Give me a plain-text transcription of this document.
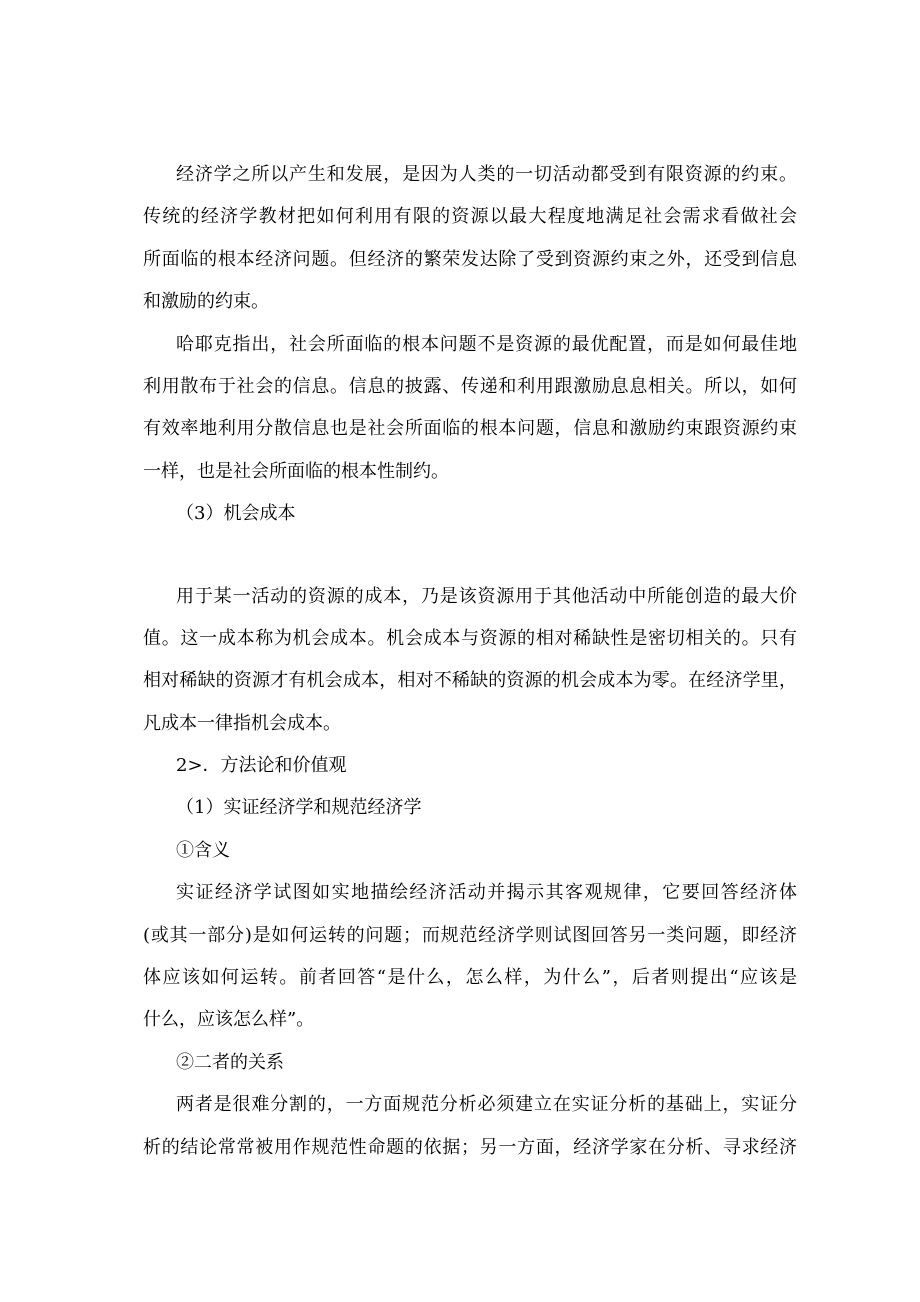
经济学之所以产生和发展，是因为人类的一切活动都受到有限资源的约束。
传统的经济学教材把如何利用有限的资源以最大程度地满足社会需求看做社会
所面临的根本经济问题。但经济的繁荣发达除了受到资源约束之外，还受到信息
和激励的约束。
哈耶克指出，社会所面临的根本问题不是资源的最优配置，而是如何最佳地
利用散布于社会的信息。信息的披露、传递和利用跟激励息息相关。所以，如何
有效率地利用分散信息也是社会所面临的根本问题，信息和激励约束跟资源约束
一样，也是社会所面临的根本性制约。
（3）机会成本
用于某一活动的资源的成本，乃是该资源用于其他活动中所能创造的最大价
值。这一成本称为机会成本。机会成本与资源的相对稀缺性是密切相关的。只有
相对稀缺的资源才有机会成本，相对不稀缺的资源的机会成本为零。在经济学里，
凡成本一律指机会成本。
2>．方法论和价值观
（1）实证经济学和规范经济学
①含义
实证经济学试图如实地描绘经济活动并揭示其客观规律，它要回答经济体
(或其一部分)是如何运转的问题；而规范经济学则试图回答另一类问题，即经济
体应该如何运转。前者回答“是什么，怎么样，为什么”，后者则提出“应该是
什么，应该怎么样”。
②二者的关系
两者是很难分割的，一方面规范分析必须建立在实证分析的基础上，实证分
析的结论常常被用作规范性命题的依据；另一方面，经济学家在分析、寻求经济
